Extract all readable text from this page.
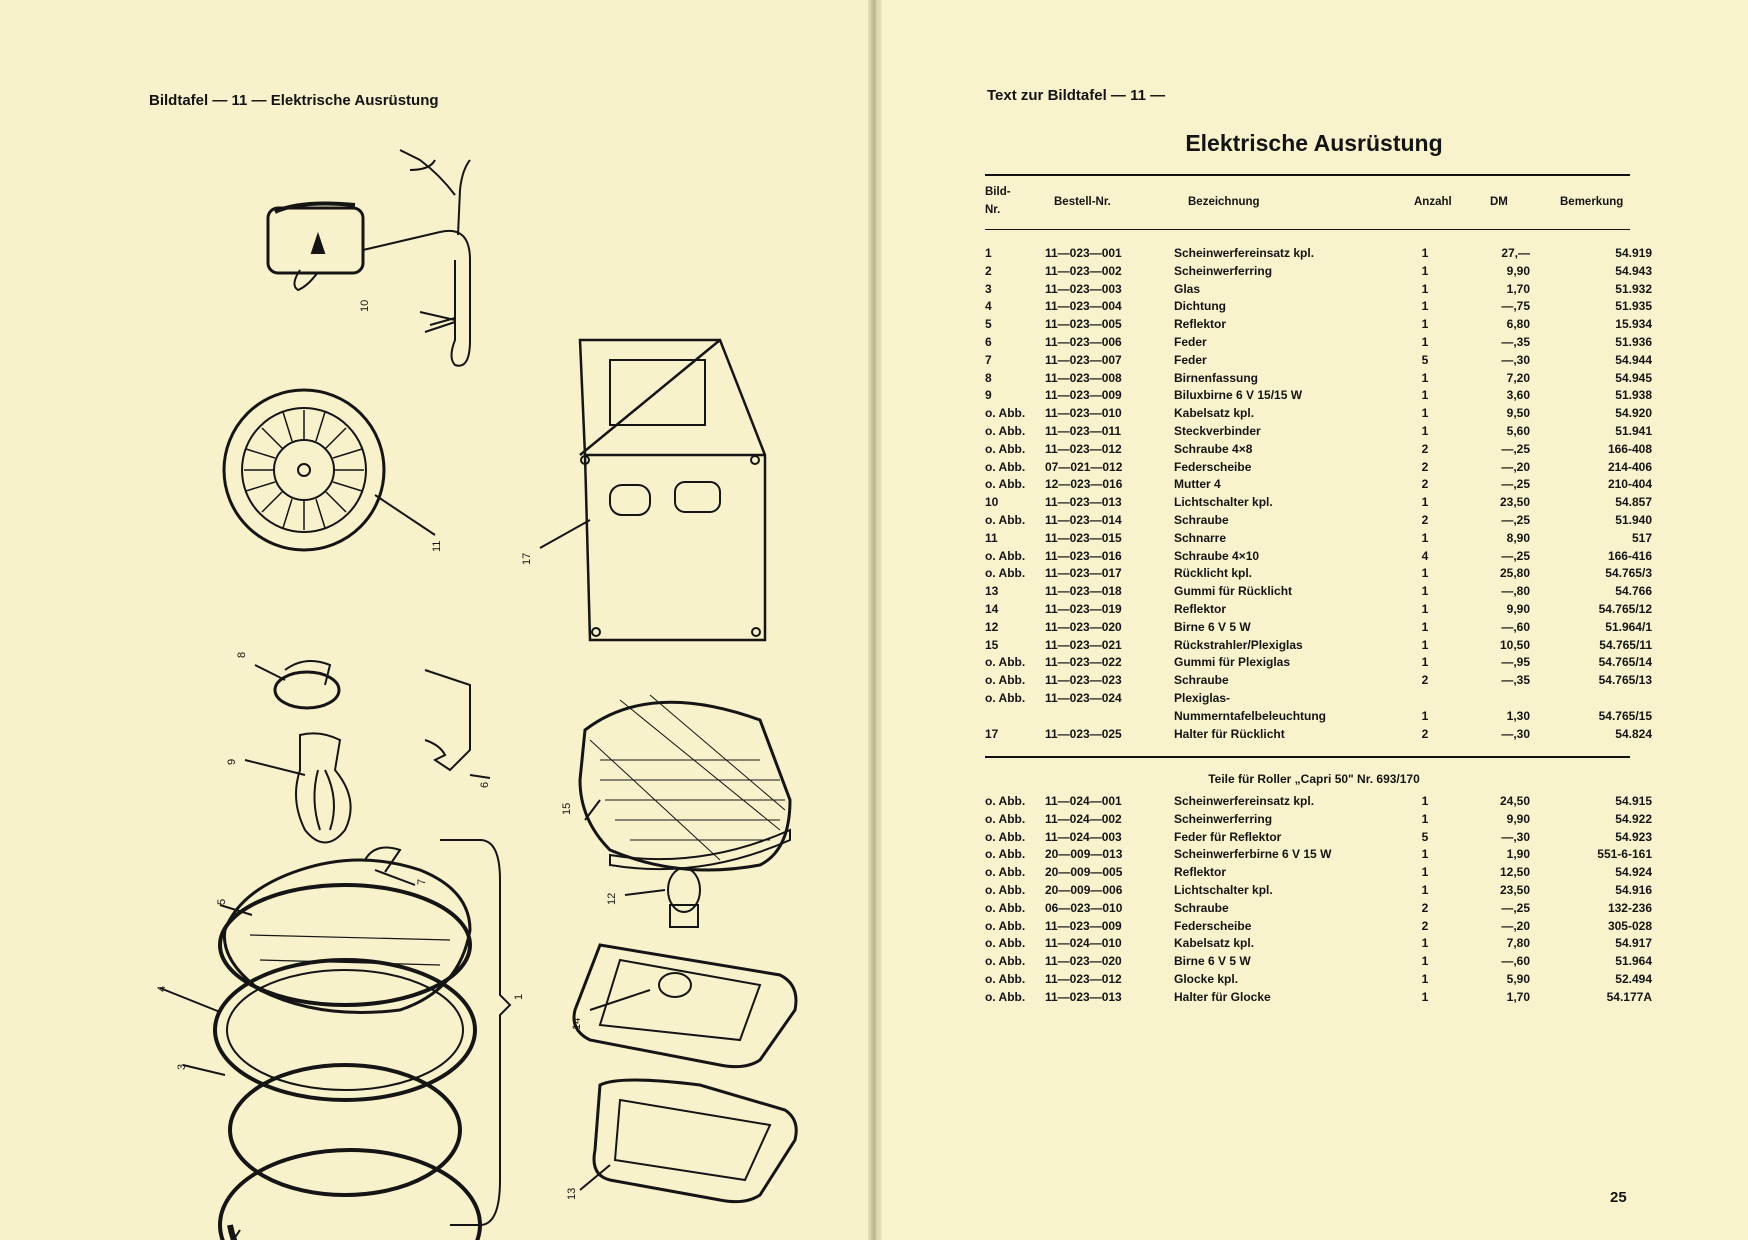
Bildtafel — 11 — Elektrische Ausrüstung
10
11
17
8
9
6
15
5
7
12
4
1
3
14
13
Text zur Bildtafel — 11 —
Elektrische Ausrüstung
Bild-
Nr.
Bestell-Nr.	Bezeichnung	Anzahl	DM	Bemerkung
1	11—023—001	Scheinwerfereinsatz kpl.	1	27,—	54.919
2	11—023—002	Scheinwerferring	1	9,90	54.943
3	11—023—003	Glas	1	1,70	51.932
4	11—023—004	Dichtung	1	—,75	51.935
5	11—023—005	Reflektor	1	6,80	15.934
6	11—023—006	Feder	1	—,35	51.936
7	11—023—007	Feder	5	—,30	54.944
8	11—023—008	Birnenfassung	1	7,20	54.945
9	11—023—009	Biluxbirne 6 V 15/15 W	1	3,60	51.938
o. Abb.	11—023—010	Kabelsatz kpl.	1	9,50	54.920
o. Abb.	11—023—011	Steckverbinder	1	5,60	51.941
o. Abb.	11—023—012	Schraube 4×8	2	—,25	166-408
o. Abb.	07—021—012	Federscheibe	2	—,20	214-406
o. Abb.	12—023—016	Mutter 4	2	—,25	210-404
10	11—023—013	Lichtschalter kpl.	1	23,50	54.857
o. Abb.	11—023—014	Schraube	2	—,25	51.940
11	11—023—015	Schnarre	1	8,90	517
o. Abb.	11—023—016	Schraube 4×10	4	—,25	166-416
o. Abb.	11—023—017	Rücklicht kpl.	1	25,80	54.765/3
13	11—023—018	Gummi für Rücklicht	1	—,80	54.766
14	11—023—019	Reflektor	1	9,90	54.765/12
12	11—023—020	Birne 6 V 5 W	1	—,60	51.964/1
15	11—023—021	Rückstrahler/Plexiglas	1	10,50	54.765/11
o. Abb.	11—023—022	Gummi für Plexiglas	1	—,95	54.765/14
o. Abb.	11—023—023	Schraube	2	—,35	54.765/13
o. Abb.	11—023—024	Plexiglas-			
		Nummerntafelbeleuchtung	1	1,30	54.765/15
17	11—023—025	Halter für Rücklicht	2	—,30	54.824
Teile für Roller „Capri 50" Nr. 693/170
o. Abb.	11—024—001	Scheinwerfereinsatz kpl.	1	24,50	54.915
o. Abb.	11—024—002	Scheinwerferring	1	9,90	54.922
o. Abb.	11—024—003	Feder für Reflektor	5	—,30	54.923
o. Abb.	20—009—013	Scheinwerferbirne 6 V 15 W	1	1,90	551-6-161
o. Abb.	20—009—005	Reflektor	1	12,50	54.924
o. Abb.	20—009—006	Lichtschalter kpl.	1	23,50	54.916
o. Abb.	06—023—010	Schraube	2	—,25	132-236
o. Abb.	11—023—009	Federscheibe	2	—,20	305-028
o. Abb.	11—024—010	Kabelsatz kpl.	1	7,80	54.917
o. Abb.	11—023—020	Birne 6 V 5 W	1	—,60	51.964
o. Abb.	11—023—012	Glocke kpl.	1	5,90	52.494
o. Abb.	11—023—013	Halter für Glocke	1	1,70	54.177A
25
